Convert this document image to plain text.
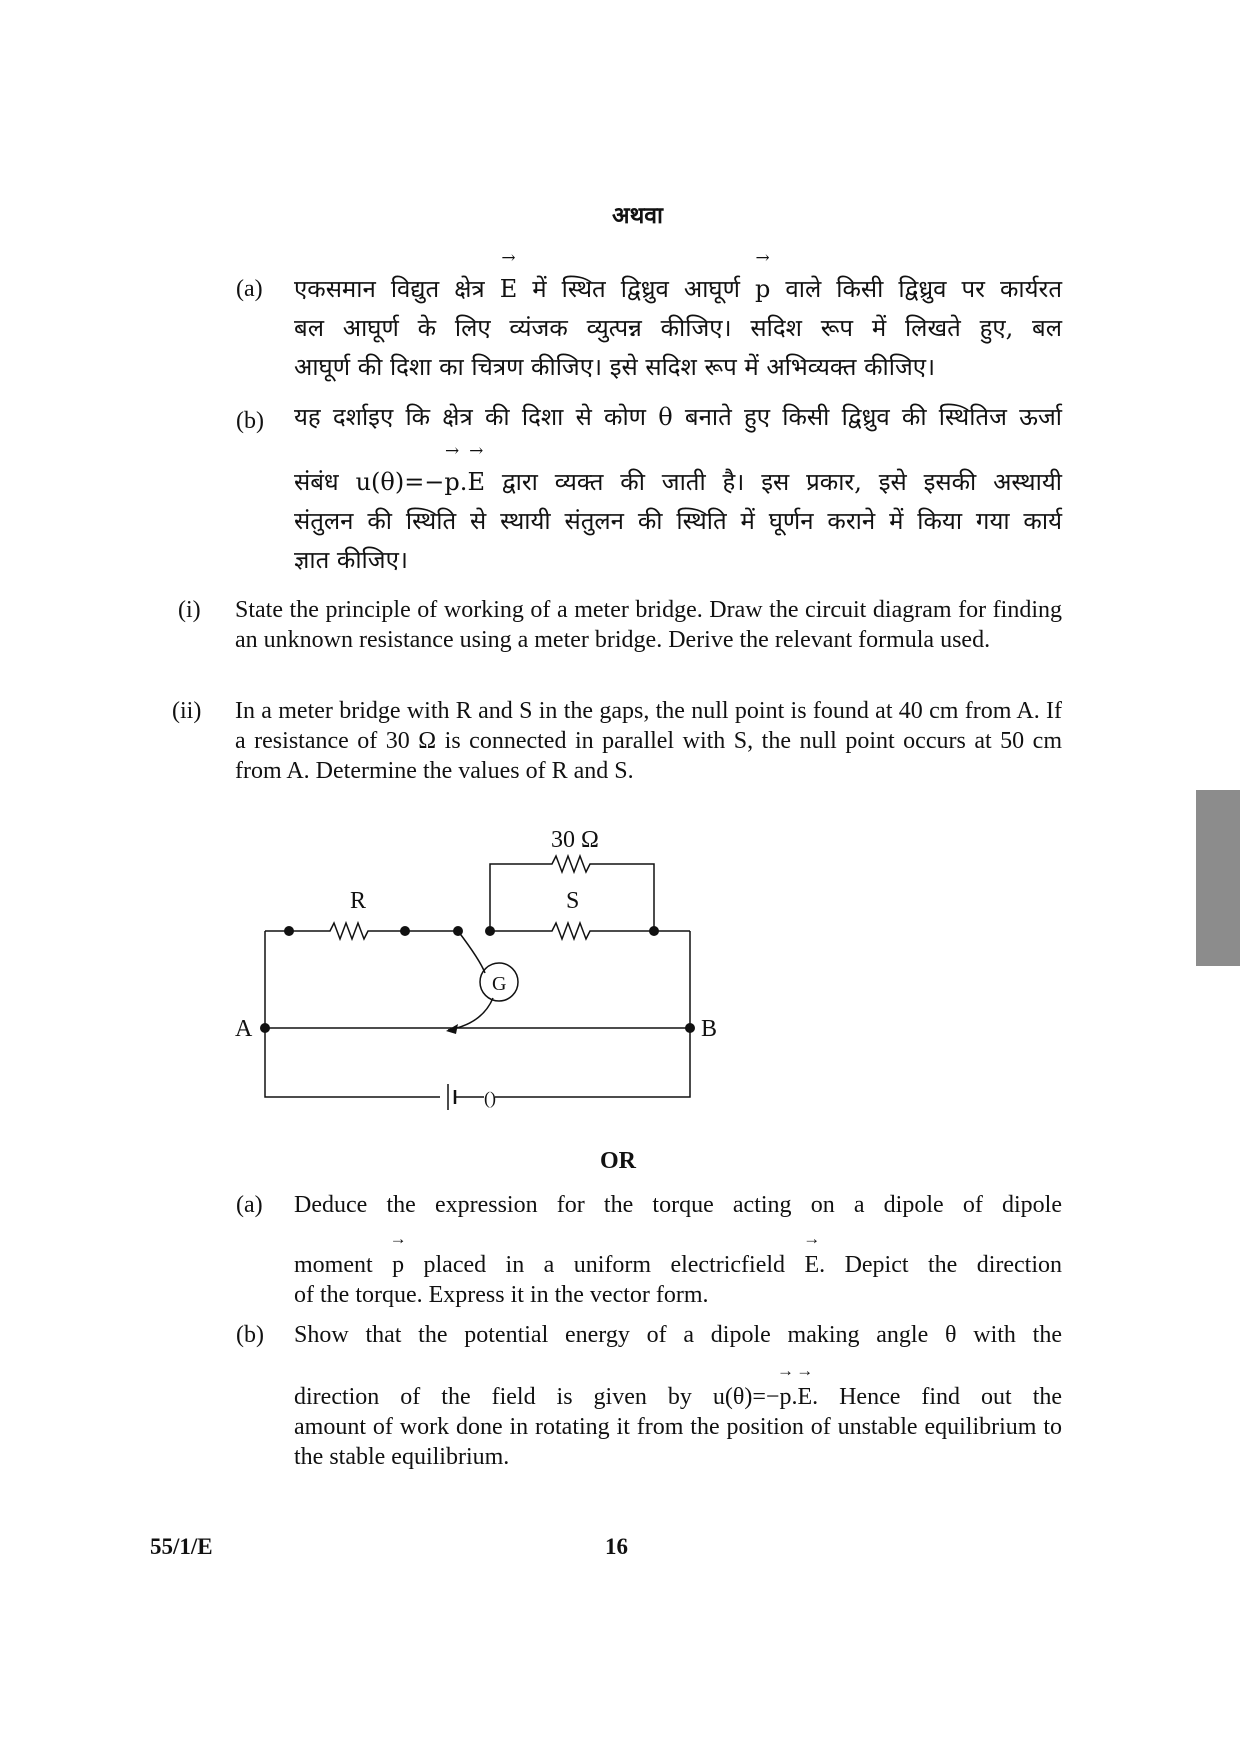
अथवा
(a) एकसमान विद्युत क्षेत्र → E में स्थित द्विध्रुव आघूर्ण → p वाले किसी द्विध्रुव पर कार्यरत
बल आघूर्ण के लिए व्यंजक व्युत्पन्न कीजिए। सदिश रूप में लिखते हुए, बल
आघूर्ण की दिशा का चित्रण कीजिए। इसे सदिश रूप में अभिव्यक्त कीजिए।
(b) यह दर्शाइए कि क्षेत्र की दिशा से कोण θ बनाते हुए किसी द्विध्रुव की स्थितिज ऊर्जा
संबंध u(θ)=−→ p.→ E द्वारा व्यक्त की जाती है। इस प्रकार, इसे इसकी अस्थायी
संतुलन की स्थिति से स्थायी संतुलन की स्थिति में घूर्णन कराने में किया गया कार्य
ज्ञात कीजिए।
(i) State the principle of working of a meter bridge. Draw the circuit diagram for finding an unknown resistance using a meter bridge. Derive the relevant formula used.
(ii) In a meter bridge with R and S in the gaps, the null point is found at 40 cm from A. If a resistance of 30 Ω is connected in parallel with S, the null point occurs at 50 cm from A. Determine the values of R and S.
()
30 Ω
R	S
G
A	B
OR
(a) Deduce the expression for the torque acting on a dipole of dipole
moment → p placed in a uniform electricfield → E. Depict the direction
of the torque. Express it in the vector form.
(b) Show that the potential energy of a dipole making angle θ with the
direction of the field is given by u(θ)=−→ p.→ E. Hence find out the
amount of work done in rotating it from the position of unstable equilibrium to the stable equilibrium.
55/1/E	16
